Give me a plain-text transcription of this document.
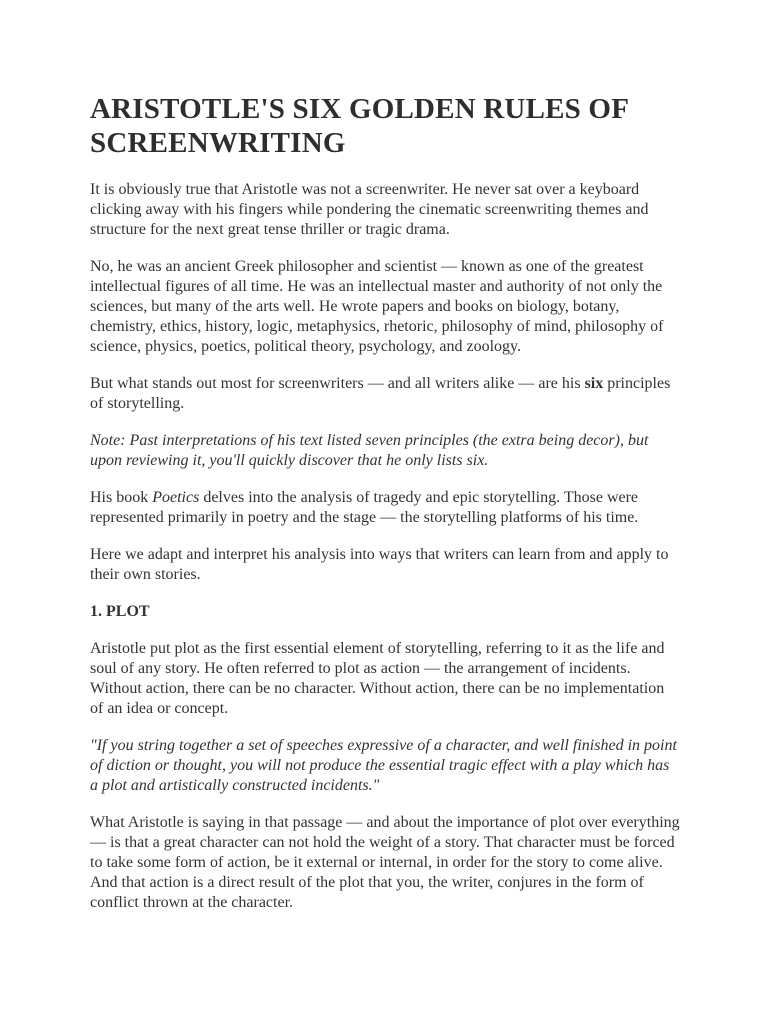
ARISTOTLE'S SIX GOLDEN RULES OF SCREENWRITING

It is obviously true that Aristotle was not a screenwriter. He never sat over a keyboard clicking away with his fingers while pondering the cinematic screenwriting themes and structure for the next great tense thriller or tragic drama.

No, he was an ancient Greek philosopher and scientist — known as one of the greatest intellectual figures of all time. He was an intellectual master and authority of not only the sciences, but many of the arts well. He wrote papers and books on biology, botany, chemistry, ethics, history, logic, metaphysics, rhetoric, philosophy of mind, philosophy of science, physics, poetics, political theory, psychology, and zoology.

But what stands out most for screenwriters — and all writers alike — are his six principles of storytelling.

Note: Past interpretations of his text listed seven principles (the extra being decor), but upon reviewing it, you'll quickly discover that he only lists six.

His book Poetics delves into the analysis of tragedy and epic storytelling. Those were represented primarily in poetry and the stage — the storytelling platforms of his time.

Here we adapt and interpret his analysis into ways that writers can learn from and apply to their own stories.

1. PLOT

Aristotle put plot as the first essential element of storytelling, referring to it as the life and soul of any story. He often referred to plot as action — the arrangement of incidents. Without action, there can be no character. Without action, there can be no implementation of an idea or concept.

"If you string together a set of speeches expressive of a character, and well finished in point of diction or thought, you will not produce the essential tragic effect with a play which has a plot and artistically constructed incidents."

What Aristotle is saying in that passage — and about the importance of plot over everything — is that a great character can not hold the weight of a story. That character must be forced to take some form of action, be it external or internal, in order for the story to come alive. And that action is a direct result of the plot that you, the writer, conjures in the form of conflict thrown at the character.
